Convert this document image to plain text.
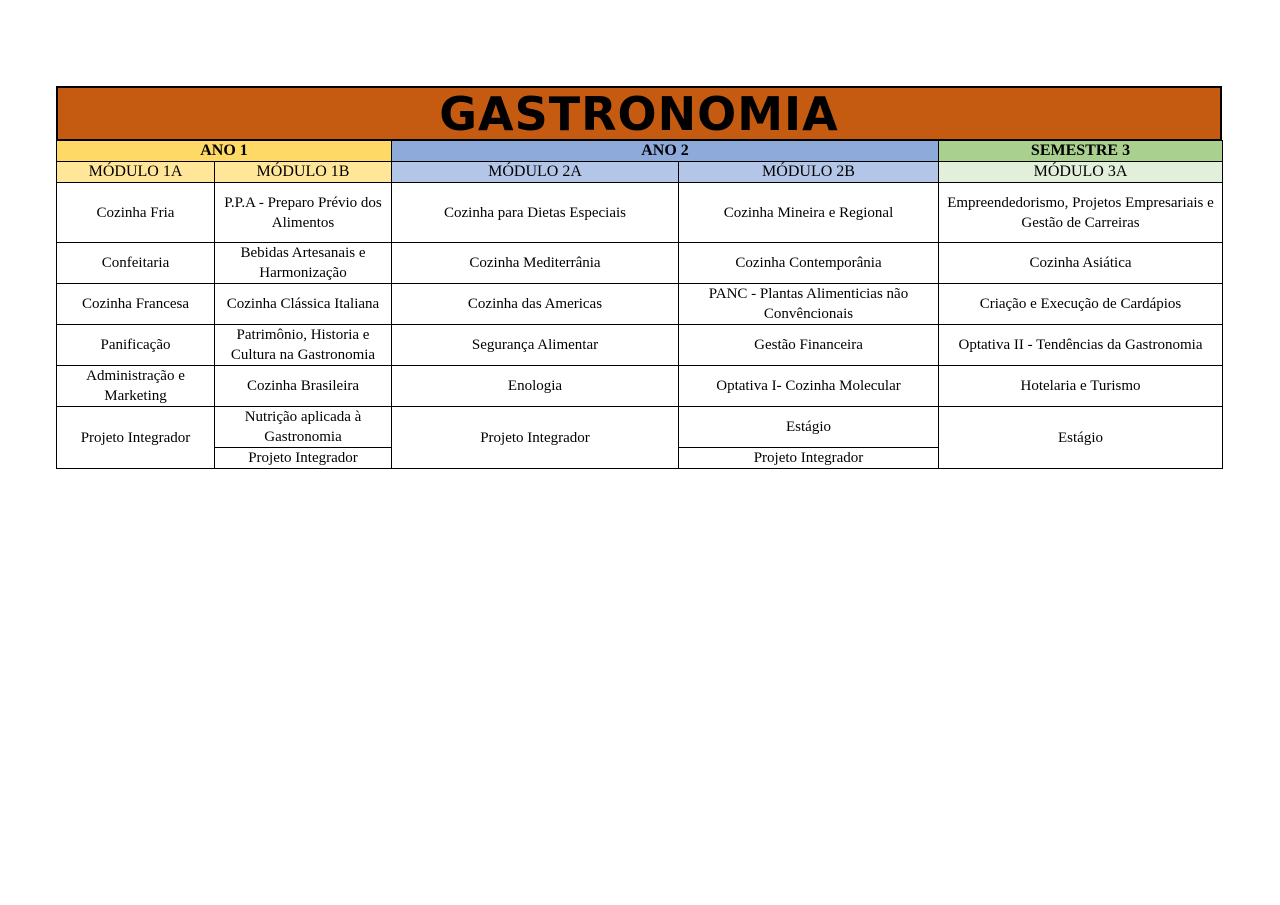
GASTRONOMIA
ANO 1		ANO 2		SEMESTRE 3
MÓDULO 1A	MÓDULO 1B	MÓDULO 2A	MÓDULO 2B	MÓDULO 3A
Cozinha Fria	P.P.A - Preparo Prévio dos Alimentos	Cozinha para Dietas Especiais	Cozinha Mineira e Regional	Empreendedorismo, Projetos Empresariais e Gestão de Carreiras
Confeitaria	Bebidas Artesanais e Harmonização	Cozinha Mediterrânia	Cozinha Contemporânia	Cozinha Asiática
Cozinha Francesa	Cozinha Clássica Italiana	Cozinha das Americas	PANC - Plantas Alimenticias não Convêncionais	Criação e Execução de Cardápios
Panificação	Patrimônio, Historia e Cultura na Gastronomia	Segurança Alimentar	Gestão Financeira	Optativa II - Tendências da Gastronomia
Administração e Marketing	Cozinha Brasileira	Enologia	Optativa I- Cozinha Molecular	Hotelaria e Turismo
Projeto Integrador	Nutrição aplicada à Gastronomia	Projeto Integrador	Estágio	Estágio
	Projeto Integrador		Projeto Integrador	
